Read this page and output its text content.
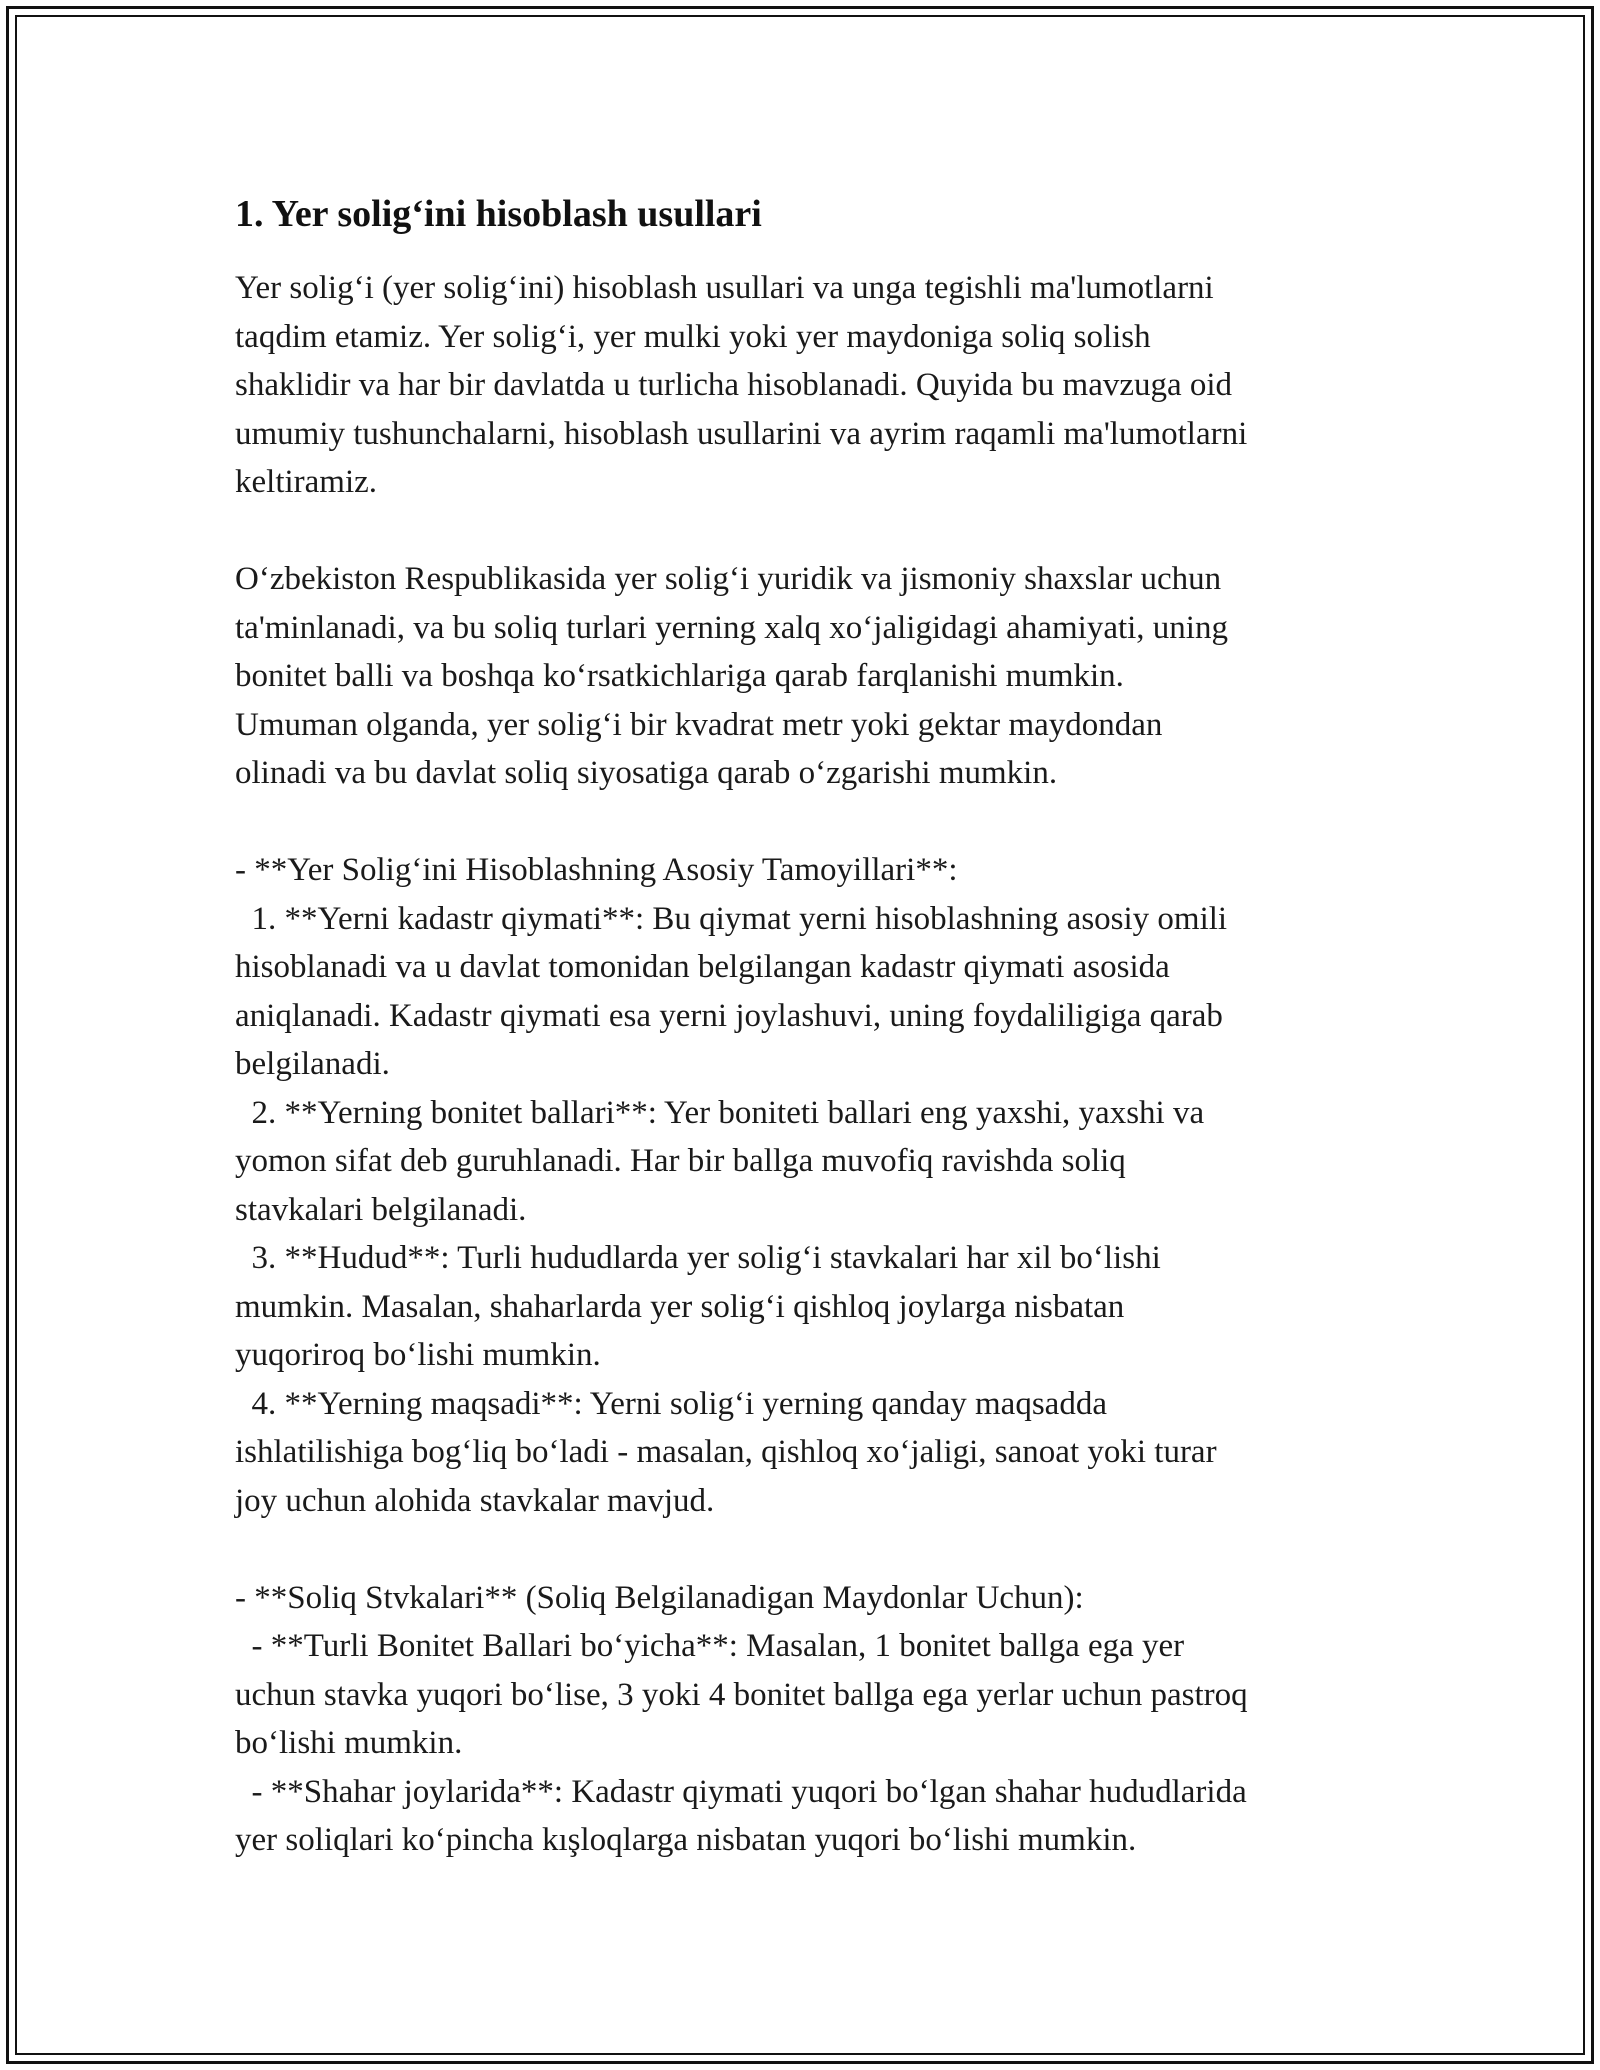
1. Yer solig‘ini hisoblash usullari

Yer solig‘i (yer solig‘ini) hisoblash usullari va unga tegishli ma'lumotlarni
taqdim etamiz. Yer solig‘i, yer mulki yoki yer maydoniga soliq solish
shaklidir va har bir davlatda u turlicha hisoblanadi. Quyida bu mavzuga oid
umumiy tushunchalarni, hisoblash usullarini va ayrim raqamli ma'lumotlarni
keltiramiz.

O‘zbekiston Respublikasida yer solig‘i yuridik va jismoniy shaxslar uchun
ta'minlanadi, va bu soliq turlari yerning xalq xo‘jaligidagi ahamiyati, uning
bonitet balli va boshqa ko‘rsatkichlariga qarab farqlanishi mumkin.
Umuman olganda, yer solig‘i bir kvadrat metr yoki gektar maydondan
olinadi va bu davlat soliq siyosatiga qarab o‘zgarishi mumkin.

- **Yer Solig‘ini Hisoblashning Asosiy Tamoyillari**:
1. **Yerni kadastr qiymati**: Bu qiymat yerni hisoblashning asosiy omili
hisoblanadi va u davlat tomonidan belgilangan kadastr qiymati asosida
aniqlanadi. Kadastr qiymati esa yerni joylashuvi, uning foydaliligiga qarab
belgilanadi.
2. **Yerning bonitet ballari**: Yer boniteti ballari eng yaxshi, yaxshi va
yomon sifat deb guruhlanadi. Har bir ballga muvofiq ravishda soliq
stavkalari belgilanadi.
3. **Hudud**: Turli hududlarda yer solig‘i stavkalari har xil bo‘lishi
mumkin. Masalan, shaharlarda yer solig‘i qishloq joylarga nisbatan
yuqoriroq bo‘lishi mumkin.
4. **Yerning maqsadi**: Yerni solig‘i yerning qanday maqsadda
ishlatilishiga bog‘liq bo‘ladi - masalan, qishloq xo‘jaligi, sanoat yoki turar
joy uchun alohida stavkalar mavjud.

- **Soliq Stvkalari** (Soliq Belgilanadigan Maydonlar Uchun):
- **Turli Bonitet Ballari bo‘yicha**: Masalan, 1 bonitet ballga ega yer
uchun stavka yuqori bo‘lise, 3 yoki 4 bonitet ballga ega yerlar uchun pastroq
bo‘lishi mumkin.
- **Shahar joylarida**: Kadastr qiymati yuqori bo‘lgan shahar hududlarida
yer soliqlari ko‘pincha kışloqlarga nisbatan yuqori bo‘lishi mumkin.
